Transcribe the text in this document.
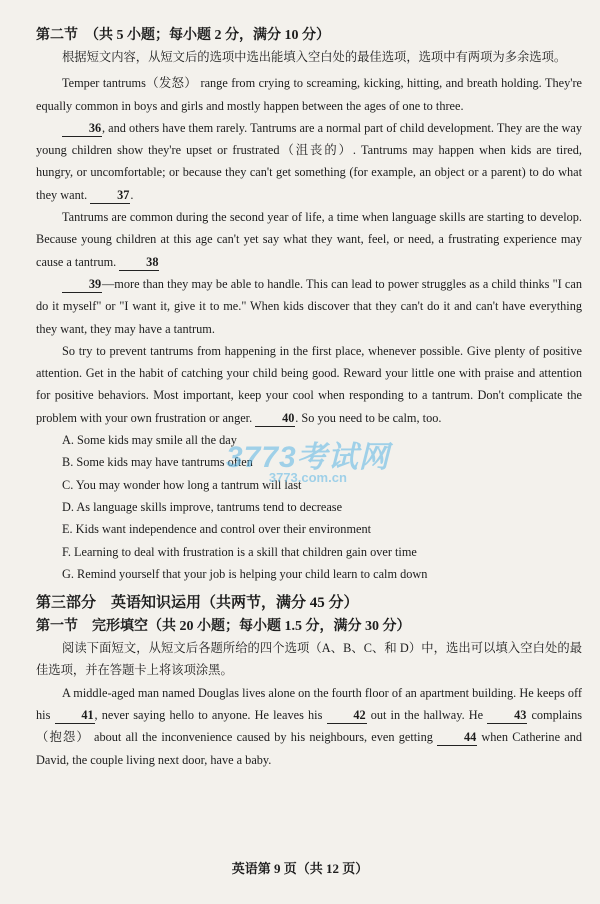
第二节　（共 5 小题；每小题 2 分，满分 10 分）

根据短文内容，从短文后的选项中选出能填入空白处的最佳选项，选项中有两项为多余选项。

Temper tantrums（发怒） range from crying to screaming, kicking, hitting, and breath holding. They're equally common in boys and girls and mostly happen between the ages of one to three.

36, and others have them rarely. Tantrums are a normal part of child development. They are the way young children show they're upset or frustrated（沮丧的）. Tantrums may happen when kids are tired, hungry, or uncomfortable; or because they can't get something (for example, an object or a parent) to do what they want. 37.

Tantrums are common during the second year of life, a time when language skills are starting to develop. Because young children at this age can't yet say what they want, feel, or need, a frustrating experience may cause a tantrum. 38

39—more than they may be able to handle. This can lead to power struggles as a child thinks "I can do it myself" or "I want it, give it to me." When kids discover that they can't do it and can't have everything they want, they may have a tantrum.

So try to prevent tantrums from happening in the first place, whenever possible. Give plenty of positive attention. Get in the habit of catching your child being good. Reward your little one with praise and attention for positive behaviors. Most important, keep your cool when responding to a tantrum. Don't complicate the problem with your own frustration or anger. 40. So you need to be calm, too.

A. Some kids may smile all the day

B. Some kids may have tantrums often

C. You may wonder how long a tantrum will last

D. As language skills improve, tantrums tend to decrease

E. Kids want independence and control over their environment

F. Learning to deal with frustration is a skill that children gain over time

G. Remind yourself that your job is helping your child learn to calm down

第三部分　英语知识运用（共两节，满分 45 分）
第一节　完形填空（共 20 小题；每小题 1.5 分，满分 30 分）

阅读下面短文，从短文后各题所给的四个选项（A、B、C、和 D）中，选出可以填入空白处的最佳选项，并在答题卡上将该项涂黑。

A middle-aged man named Douglas lives alone on the fourth floor of an apartment building. He keeps off his	41, never saying hello to anyone. He leaves his	42 out in the hallway. He	43 complains（抱怨） about all the inconvenience caused by his neighbours, even getting	44 when Catherine and David, the couple living next door, have a baby.

3773考试网
3773.com.cn
英语第 9 页（共 12 页）
